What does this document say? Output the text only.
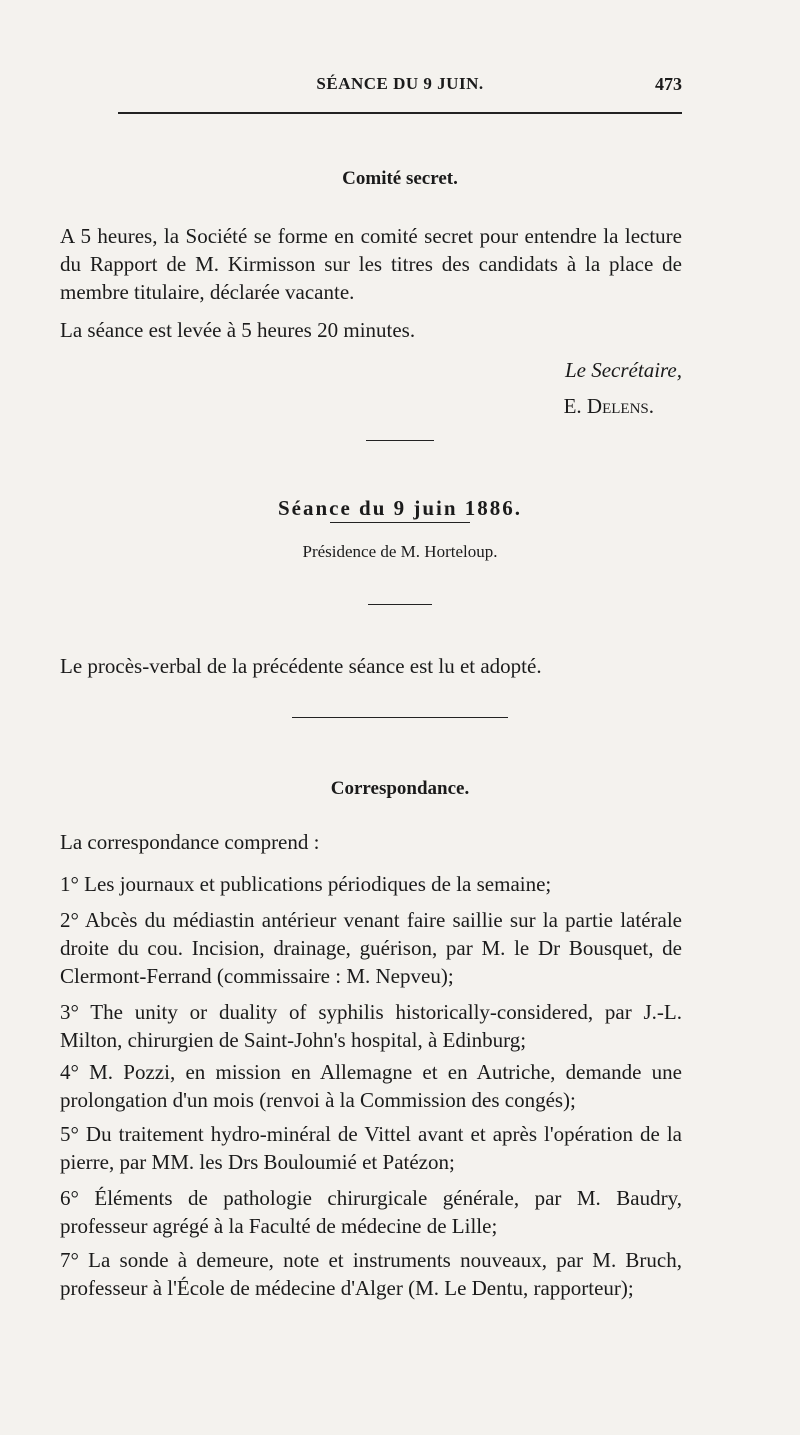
SÉANCE DU 9 JUIN.	473
Comité secret.
A 5 heures, la Société se forme en comité secret pour entendre la lecture du Rapport de M. Kirmisson sur les titres des candidats à la place de membre titulaire, déclarée vacante.
La séance est levée à 5 heures 20 minutes.
Le Secrétaire,
E. Delens.
Séance du 9 juin 1886.
Présidence de M. Horteloup.
Le procès-verbal de la précédente séance est lu et adopté.
Correspondance.
La correspondance comprend :
1° Les journaux et publications périodiques de la semaine;
2° Abcès du médiastin antérieur venant faire saillie sur la partie latérale droite du cou. Incision, drainage, guérison, par M. le Dr Bousquet, de Clermont-Ferrand (commissaire : M. Nepveu);
3° The unity or duality of syphilis historically-considered, par J.-L. Milton, chirurgien de Saint-John's hospital, à Edinburg;
4° M. Pozzi, en mission en Allemagne et en Autriche, demande une prolongation d'un mois (renvoi à la Commission des congés);
5° Du traitement hydro-minéral de Vittel avant et après l'opération de la pierre, par MM. les Drs Bouloumié et Patézon;
6° Éléments de pathologie chirurgicale générale, par M. Baudry, professeur agrégé à la Faculté de médecine de Lille;
7° La sonde à demeure, note et instruments nouveaux, par M. Bruch, professeur à l'École de médecine d'Alger (M. Le Dentu, rapporteur);
